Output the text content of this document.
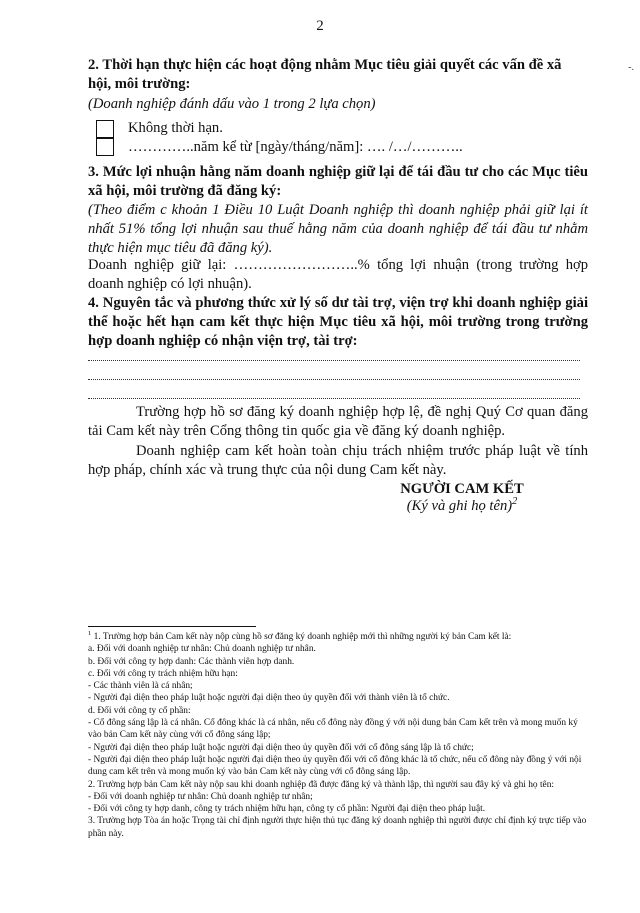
2
-.
2. Thời hạn thực hiện các hoạt động nhằm Mục tiêu giải quyết các vấn đề xã hội, môi trường:
(Doanh nghiệp đánh dấu vào 1 trong 2 lựa chọn)
Không thời hạn.
…………..năm kể từ [ngày/tháng/năm]: …. /…/………..
3. Mức lợi nhuận hằng năm doanh nghiệp giữ lại để tái đầu tư cho các Mục tiêu xã hội, môi trường đã đăng ký:
(Theo điểm c khoản 1 Điều 10 Luật Doanh nghiệp thì doanh nghiệp phải giữ lại ít nhất 51% tổng lợi nhuận sau thuế hằng năm của doanh nghiệp để tái đầu tư nhằm thực hiện mục tiêu đã đăng ký).
Doanh nghiệp giữ lại: ……………………..% tổng lợi nhuận (trong trường hợp doanh nghiệp có lợi nhuận).
4. Nguyên tắc và phương thức xử lý số dư tài trợ, viện trợ khi doanh nghiệp giải thể hoặc hết hạn cam kết thực hiện Mục tiêu xã hội, môi trường trong trường hợp doanh nghiệp có nhận viện trợ, tài trợ:
Trường hợp hồ sơ đăng ký doanh nghiệp hợp lệ, đề nghị Quý Cơ quan đăng tải Cam kết này trên Cổng thông tin quốc gia về đăng ký doanh nghiệp.
Doanh nghiệp cam kết hoàn toàn chịu trách nhiệm trước pháp luật về tính hợp pháp, chính xác và trung thực của nội dung Cam kết này.
NGƯỜI CAM KẾT
(Ký và ghi họ tên)$^2$
$^1$ 1. Trường hợp bản Cam kết này nộp cùng hồ sơ đăng ký doanh nghiệp mới thì những người ký bản Cam kết là:
a. Đối với doanh nghiệp tư nhân: Chủ doanh nghiệp tư nhân.
b. Đối với công ty hợp danh: Các thành viên hợp danh.
c. Đối với công ty trách nhiệm hữu hạn:
- Các thành viên là cá nhân;
- Người đại diện theo pháp luật hoặc người đại diện theo ủy quyền đối với thành viên là tổ chức.
d. Đối với công ty cổ phần:
- Cổ đông sáng lập là cá nhân. Cổ đông khác là cá nhân, nếu cổ đông này đồng ý với nội dung bản Cam kết trên và mong muốn ký vào bản Cam kết này cùng với cổ đông sáng lập;
- Người đại diện theo pháp luật hoặc người đại diện theo ủy quyền đối với cổ đông sáng lập là tổ chức;
- Người đại diện theo pháp luật hoặc người đại diện theo ủy quyền đối với cổ đông khác là tổ chức, nếu cổ đông này đồng ý với nội dung cam kết trên và mong muốn ký vào bản Cam kết này cùng với cổ đông sáng lập.
2. Trường hợp bản Cam kết này nộp sau khi doanh nghiệp đã được đăng ký và thành lập, thì người sau đây ký và ghi họ tên:
- Đối với doanh nghiệp tư nhân: Chủ doanh nghiệp tư nhân;
- Đối với công ty hợp danh, công ty trách nhiệm hữu hạn, công ty cổ phần: Người đại diện theo pháp luật.
3. Trường hợp Tòa án hoặc Trọng tài chỉ định người thực hiện thủ tục đăng ký doanh nghiệp thì người được chỉ định ký trực tiếp vào phần này.
